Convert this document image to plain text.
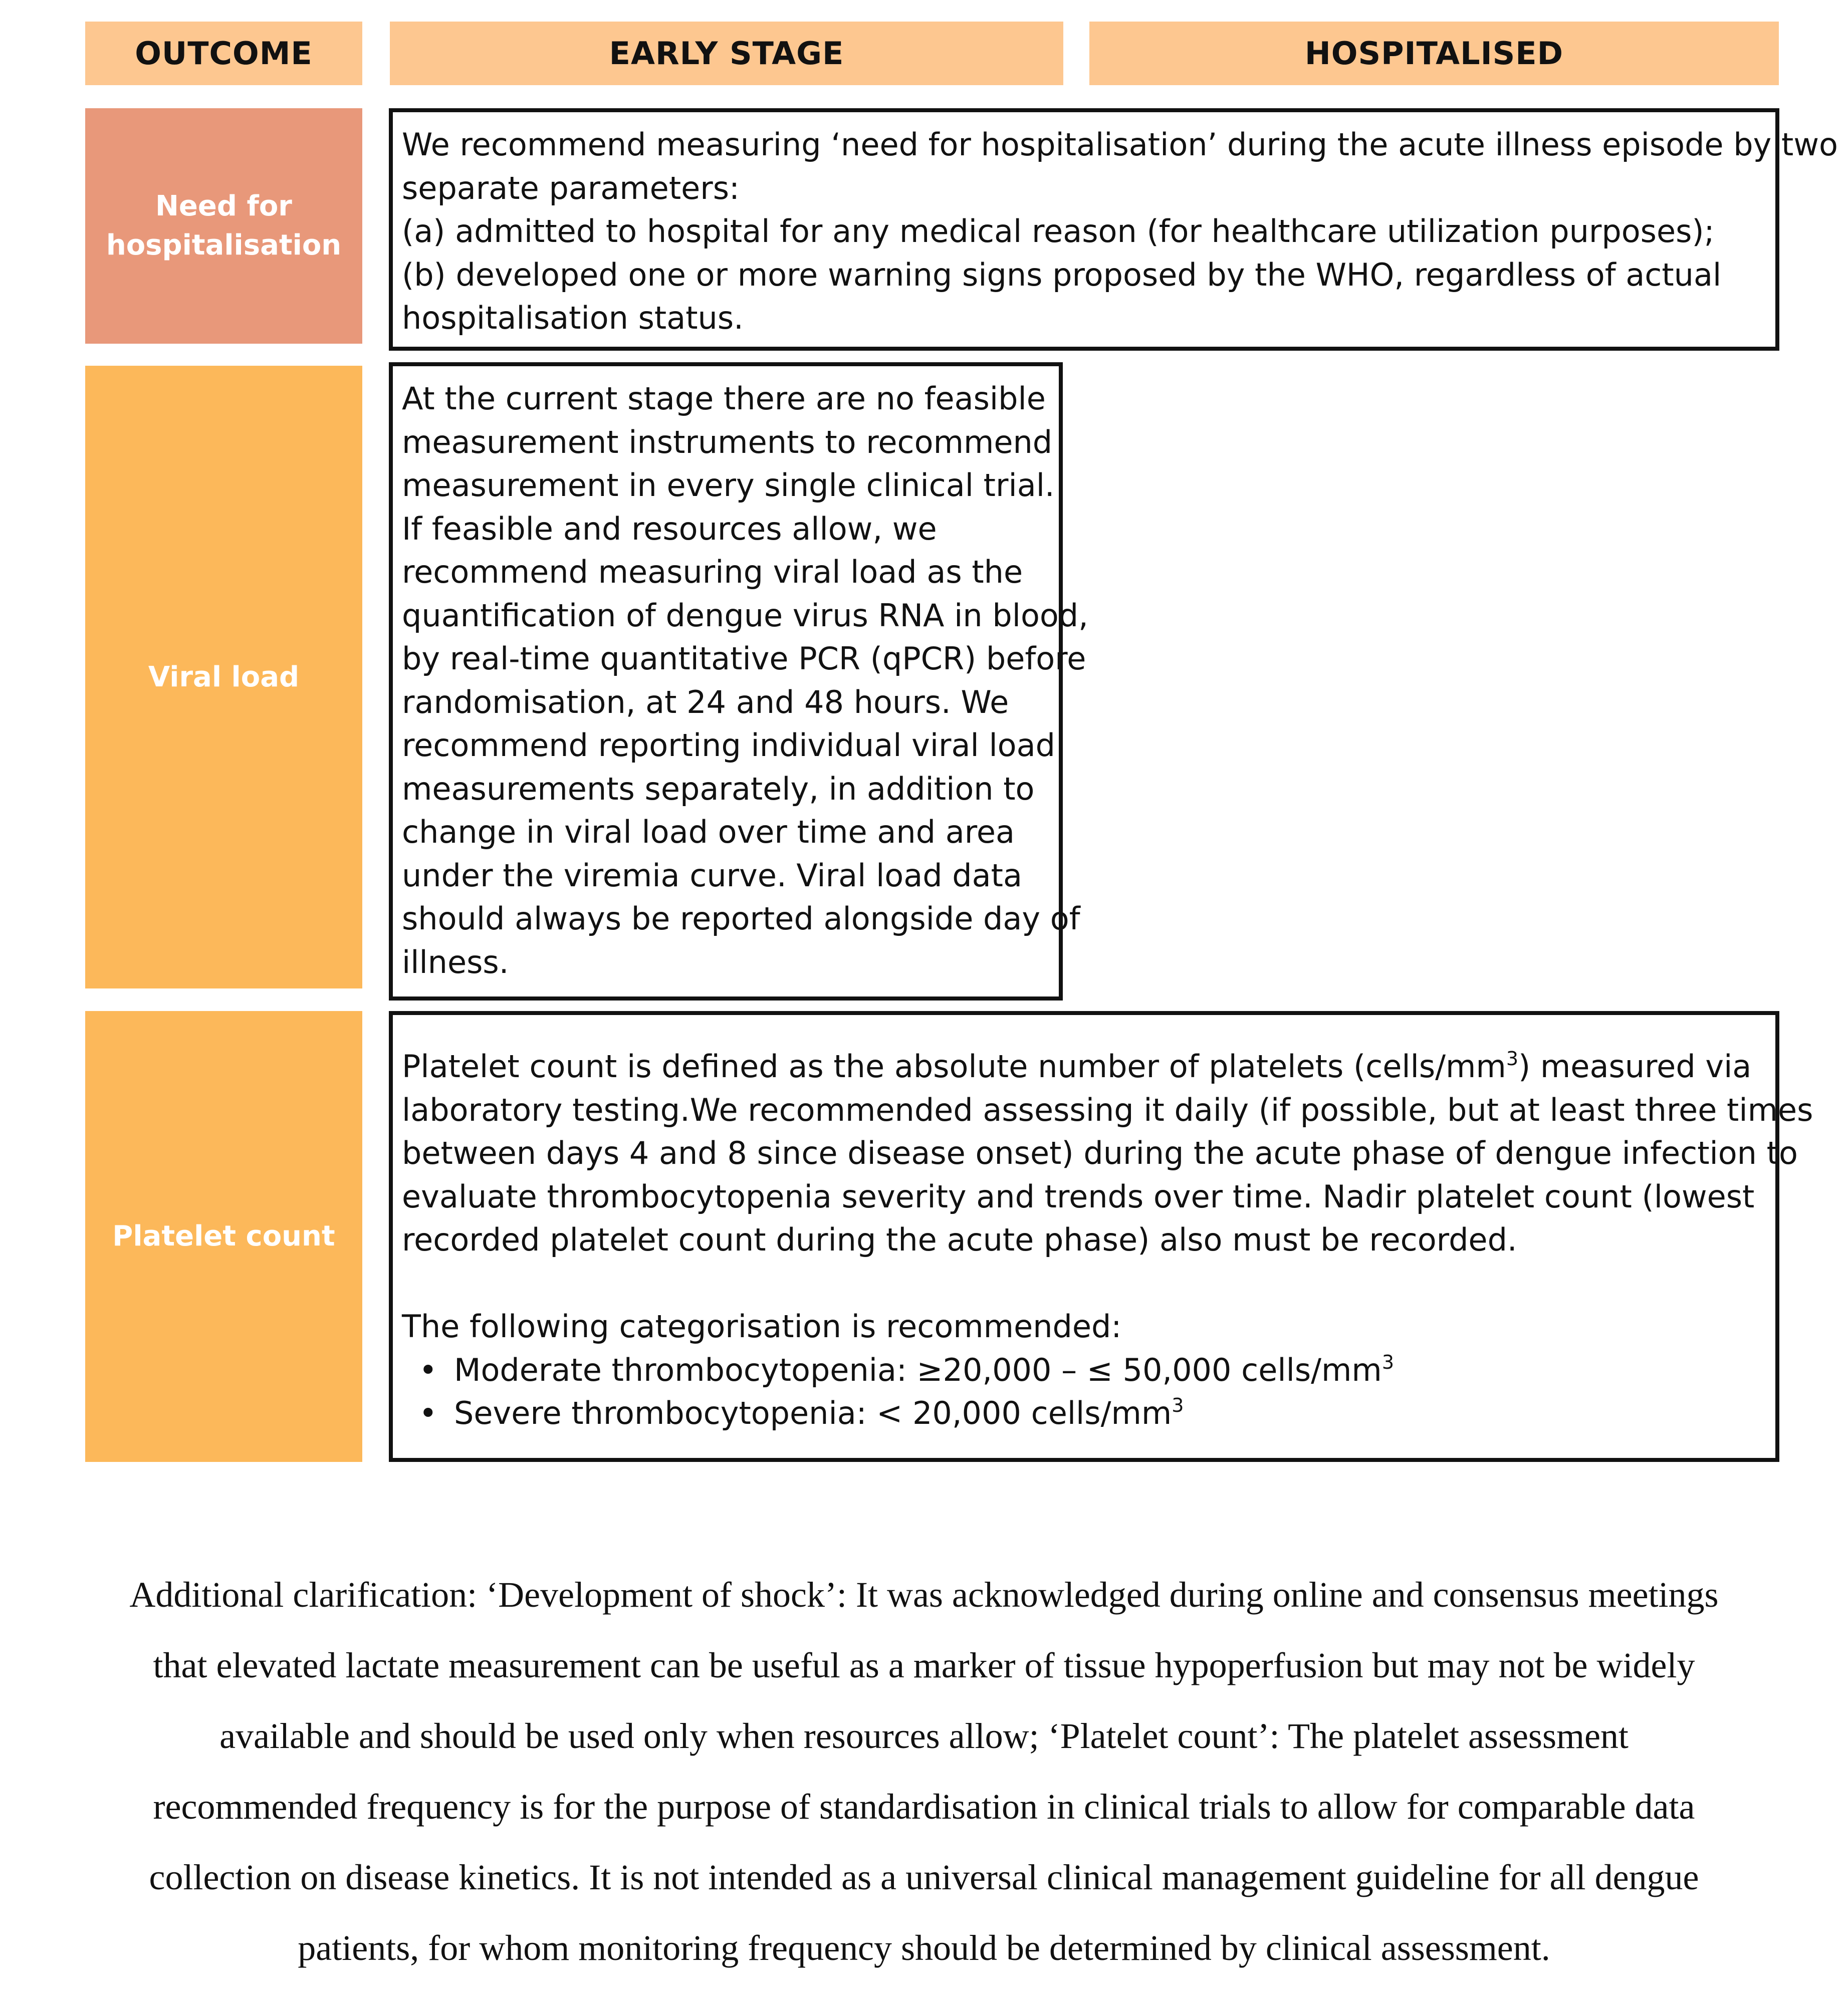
OUTCOME	EARLY STAGE	HOSPITALISED
Need for
hospitalisation
We recommend measuring ‘need for hospitalisation’ during the acute illness episode by two
separate parameters:
(a) admitted to hospital for any medical reason (for healthcare utilization purposes);
(b) developed one or more warning signs proposed by the WHO, regardless of actual
hospitalisation status.
Viral load
At the current stage there are no feasible
measurement instruments to recommend
measurement in every single clinical trial.
If feasible and resources allow, we
recommend measuring viral load as the
quantification of dengue virus RNA in blood,
by real-time quantitative PCR (qPCR) before
randomisation, at 24 and 48 hours. We
recommend reporting individual viral load
measurements separately, in addition to
change in viral load over time and area
under the viremia curve. Viral load data
should always be reported alongside day of
illness.
Platelet count
Platelet count is defined as the absolute number of platelets $(cells/mm^3)$ measured via
laboratory testing.We recommended assessing it daily (if possible, but at least three times
between days 4 and 8 since disease onset) during the acute phase of dengue infection to
evaluate thrombocytopenia severity and trends over time. Nadir platelet count (lowest
recorded platelet count during the acute phase) also must be recorded.
The following categorisation is recommended:
• Moderate thrombocytopenia: ≥20,000 – ≤ 50,000 cells/$mm^3$
• Severe thrombocytopenia: < 20,000 cells/$mm^3$
Additional clarification: ‘Development of shock’: It was acknowledged during online and consensus meetings
that elevated lactate measurement can be useful as a marker of tissue hypoperfusion but may not be widely
available and should be used only when resources allow; ‘Platelet count’: The platelet assessment
recommended frequency is for the purpose of standardisation in clinical trials to allow for comparable data
collection on disease kinetics. It is not intended as a universal clinical management guideline for all dengue
patients, for whom monitoring frequency should be determined by clinical assessment.
